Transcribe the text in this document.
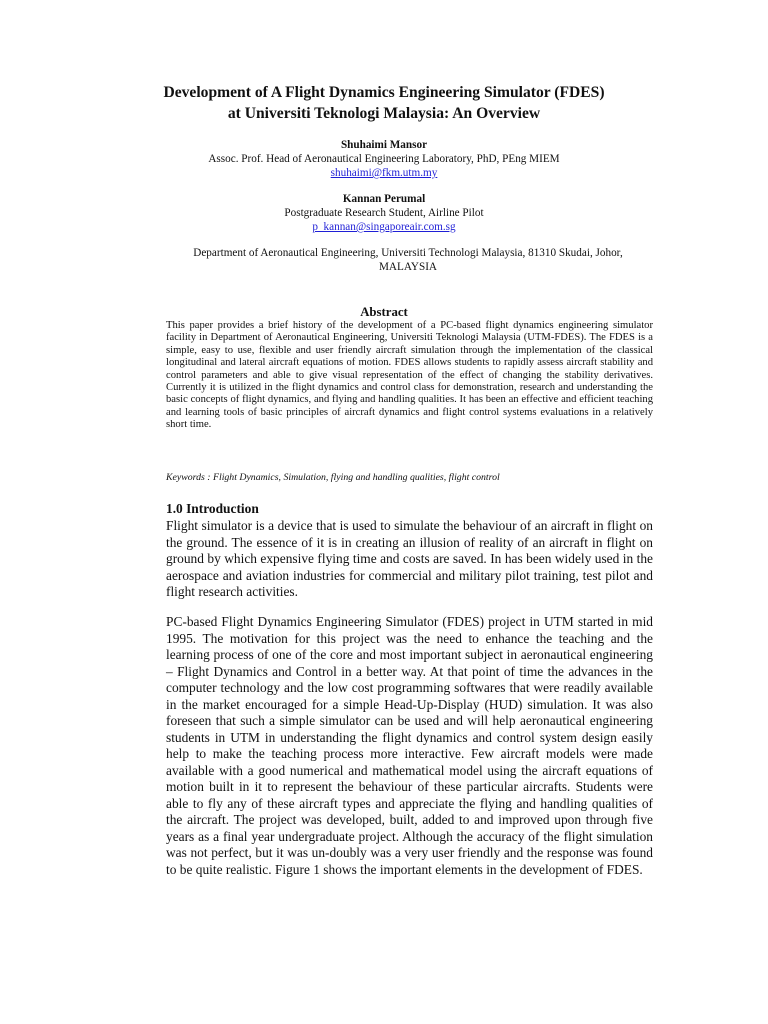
Development of A Flight Dynamics Engineering Simulator (FDES)
at Universiti Teknologi Malaysia: An Overview
Shuhaimi Mansor
Assoc. Prof. Head of Aeronautical Engineering Laboratory, PhD, PEng MIEM
shuhaimi@fkm.utm.my
Kannan Perumal
Postgraduate Research Student, Airline Pilot
p_kannan@singaporeair.com.sg
Department of Aeronautical Engineering, Universiti Technologi Malaysia, 81310 Skudai, Johor, MALAYSIA
Abstract
This paper provides a brief history of the development of a PC-based flight dynamics engineering simulator facility in Department of Aeronautical Engineering, Universiti Teknologi Malaysia (UTM-FDES). The FDES is a simple, easy to use, flexible and user friendly aircraft simulation through the implementation of the classical longitudinal and lateral aircraft equations of motion. FDES allows students to rapidly assess aircraft stability and control parameters and able to give visual representation of the effect of changing the stability derivatives. Currently it is utilized in the flight dynamics and control class for demonstration, research and understanding the basic concepts of flight dynamics, and flying and handling qualities. It has been an effective and efficient teaching and learning tools of basic principles of aircraft dynamics and flight control systems evaluations in a relatively short time.
Keywords : Flight Dynamics, Simulation, flying and handling qualities, flight control
1.0 Introduction
Flight simulator is a device that is used to simulate the behaviour of an aircraft in flight on the ground. The essence of it is in creating an illusion of reality of an aircraft in flight on ground by which expensive flying time and costs are saved. In has been widely used in the aerospace and aviation industries for commercial and military pilot training, test pilot and flight research activities.
PC-based Flight Dynamics Engineering Simulator (FDES) project in UTM started in mid 1995. The motivation for this project was the need to enhance the teaching and the learning process of one of the core and most important subject in aeronautical engineering – Flight Dynamics and Control in a better way. At that point of time the advances in the computer technology and the low cost programming softwares that were readily available in the market encouraged for a simple Head-Up-Display (HUD) simulation. It was also foreseen that such a simple simulator can be used and will help aeronautical engineering students in UTM in understanding the flight dynamics and control system design easily help to make the teaching process more interactive. Few aircraft models were made available with a good numerical and mathematical model using the aircraft equations of motion built in it to represent the behaviour of these particular aircrafts. Students were able to fly any of these aircraft types and appreciate the flying and handling qualities of the aircraft. The project was developed, built, added to and improved upon through five years as a final year undergraduate project. Although the accuracy of the flight simulation was not perfect, but it was un-doubly was a very user friendly and the response was found to be quite realistic. Figure 1 shows the important elements in the development of FDES.
